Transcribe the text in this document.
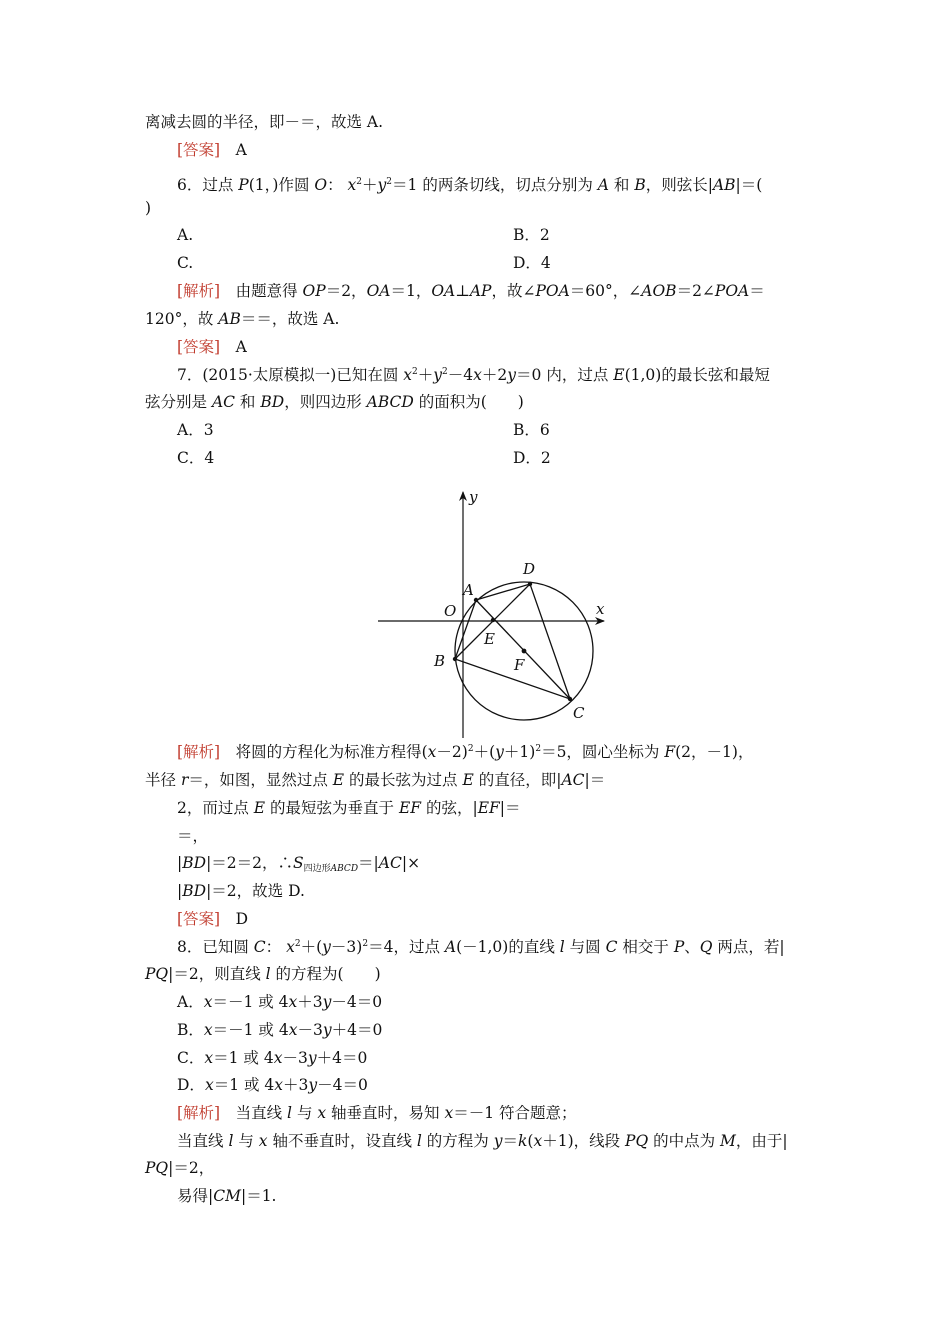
离减去圆的半径，即－＝，故选 A.
[答案]　A
6．过点 P(1，)作圆 O： $x^2+y^2=1$ 的两条切线，切点分别为 A 和 B，则弦长|AB|＝(
)
A.	B．2
C.	D．4
[解析]　由题意得 OP＝2，OA＝1，OA⊥AP，故∠POA＝60°，∠AOB＝2∠POA＝
120°，故 AB＝＝，故选 A.
[答案]　A
7．(2015·太原模拟一)已知在圆 $x^2+y^2-4x+2y=0$ 内，过点 E(1,0)的最长弦和最短
弦分别是 AC 和 BD，则四边形 ABCD 的面积为(　　)
A．3	B．6
C．4	D．2
[解析]　将圆的方程化为标准方程得$(x-2)^2+(y+1)^2=5$，圆心坐标为 F(2，－1)，
半径 r＝，如图，显然过点 E 的最长弦为过点 E 的直径，即|AC|＝
2，而过点 E 的最短弦为垂直于 EF 的弦，|EF|＝
＝，
|BD|＝2＝2，$\therefore S_{四边形ABCD}=|AC|\times$
|BD|＝2，故选 D.
[答案]　D
8．已知圆 C： $x^2+(y-3)^2=4$，过点 A(－1,0)的直线 l 与圆 C 相交于 P、Q 两点，若|
PQ|＝2，则直线 l 的方程为(　　)
A．x＝－1 或 4x＋3y－4＝0
B．x＝－1 或 4x－3y＋4＝0
C．x＝1 或 4x－3y＋4＝0
D．x＝1 或 4x＋3y－4＝0
[解析]　当直线 l 与 x 轴垂直时，易知 x＝－1 符合题意；
当直线 l 与 x 轴不垂直时，设直线 l 的方程为 y＝k(x＋1)，线段 PQ 的中点为 M，由于|
PQ|＝2，
易得|CM|＝1.
y
x
O
A
D
E
B	F
C
